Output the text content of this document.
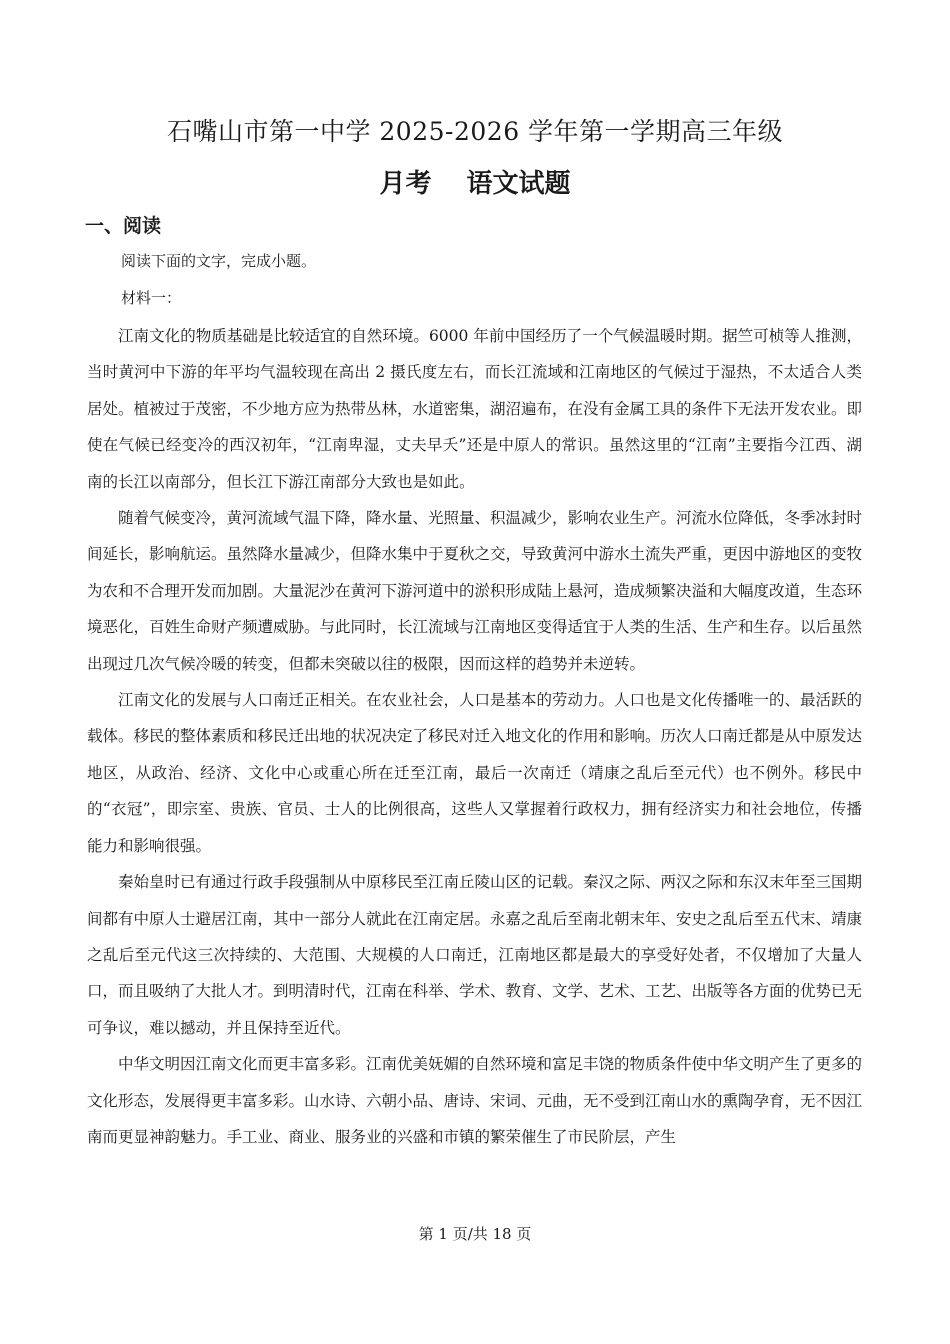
石嘴山市第一中学 2025-2026 学年第一学期高三年级
月考　 语文试题
一、阅读
阅读下面的文字，完成小题。
材料一：

江南文化的物质基础是比较适宜的自然环境。6000 年前中国经历了一个气候温暖时期。据竺可桢等人推测，当时黄河中下游的年平均气温较现在高出 2 摄氏度左右，而长江流域和江南地区的气候过于湿热，不太适合人类居处。植被过于茂密，不少地方应为热带丛林，水道密集，湖沼遍布，在没有金属工具的条件下无法开发农业。即使在气候已经变冷的西汉初年，“江南卑湿，丈夫早夭”还是中原人的常识。虽然这里的“江南”主要指今江西、湖南的长江以南部分，但长江下游江南部分大致也是如此。

随着气候变冷，黄河流域气温下降，降水量、光照量、积温减少，影响农业生产。河流水位降低，冬季冰封时间延长，影响航运。虽然降水量减少，但降水集中于夏秋之交，导致黄河中游水土流失严重，更因中游地区的变牧为农和不合理开发而加剧。大量泥沙在黄河下游河道中的淤积形成陆上悬河，造成频繁决溢和大幅度改道，生态环境恶化，百姓生命财产频遭威胁。与此同时，长江流域与江南地区变得适宜于人类的生活、生产和生存。以后虽然出现过几次气候冷暖的转变，但都未突破以往的极限，因而这样的趋势并未逆转。

江南文化的发展与人口南迁正相关。在农业社会，人口是基本的劳动力。人口也是文化传播唯一的、最活跃的载体。移民的整体素质和移民迁出地的状况决定了移民对迁入地文化的作用和影响。历次人口南迁都是从中原发达地区，从政治、经济、文化中心或重心所在迁至江南，最后一次南迁（靖康之乱后至元代）也不例外。移民中的“衣冠”，即宗室、贵族、官员、士人的比例很高，这些人又掌握着行政权力，拥有经济实力和社会地位，传播能力和影响很强。

秦始皇时已有通过行政手段强制从中原移民至江南丘陵山区的记载。秦汉之际、两汉之际和东汉末年至三国期间都有中原人士避居江南，其中一部分人就此在江南定居。永嘉之乱后至南北朝末年、安史之乱后至五代末、靖康之乱后至元代这三次持续的、大范围、大规模的人口南迁，江南地区都是最大的享受好处者，不仅增加了大量人口，而且吸纳了大批人才。到明清时代，江南在科举、学术、教育、文学、艺术、工艺、出版等各方面的优势已无可争议，难以撼动，并且保持至近代。

中华文明因江南文化而更丰富多彩。江南优美妩媚的自然环境和富足丰饶的物质条件使中华文明产生了更多的文化形态，发展得更丰富多彩。山水诗、六朝小品、唐诗、宋词、元曲，无不受到江南山水的熏陶孕育，无不因江南而更显神韵魅力。手工业、商业、服务业的兴盛和市镇的繁荣催生了市民阶层，产生

第 1 页/共 18 页
